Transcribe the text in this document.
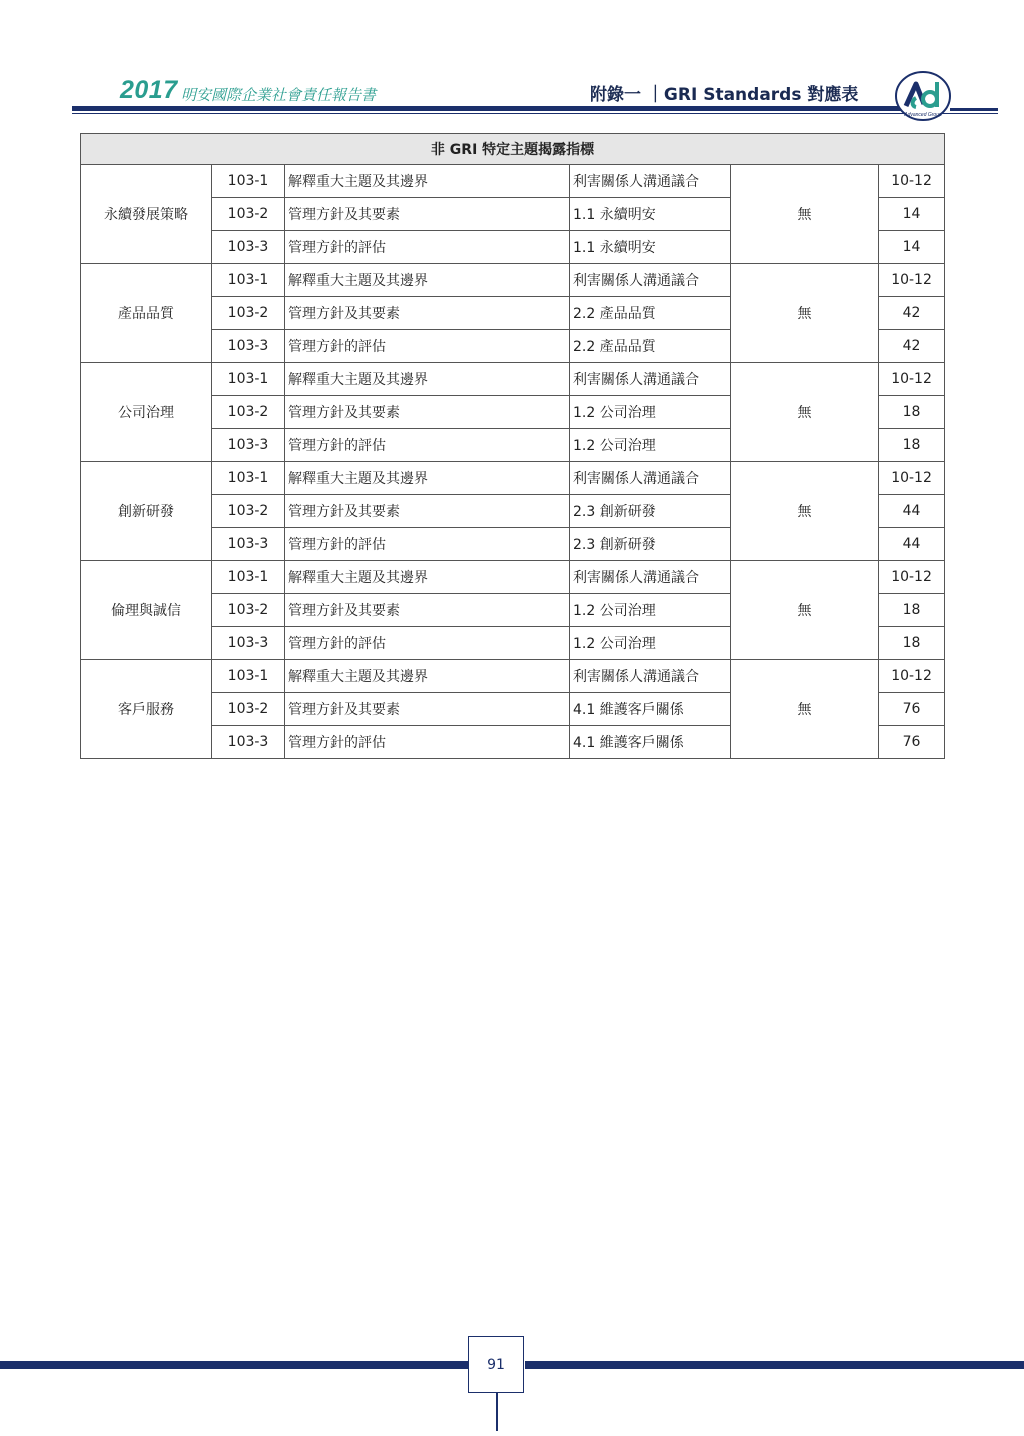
2017 明安國際企業社會責任報告書	附錄一 ｜GRI Standards 對應表
Advanced Group
非 GRI 特定主題揭露指標					
永續發展策略	103-1	解釋重大主題及其邊界	利害關係人溝通議合	無	10-12
	103-2	管理方針及其要素	1.1 永續明安		14
	103-3	管理方針的評估	1.1 永續明安		14
產品品質	103-1	解釋重大主題及其邊界	利害關係人溝通議合	無	10-12
	103-2	管理方針及其要素	2.2 產品品質		42
	103-3	管理方針的評估	2.2 產品品質		42
公司治理	103-1	解釋重大主題及其邊界	利害關係人溝通議合	無	10-12
	103-2	管理方針及其要素	1.2 公司治理		18
	103-3	管理方針的評估	1.2 公司治理		18
創新研發	103-1	解釋重大主題及其邊界	利害關係人溝通議合	無	10-12
	103-2	管理方針及其要素	2.3 創新研發		44
	103-3	管理方針的評估	2.3 創新研發		44
倫理與誠信	103-1	解釋重大主題及其邊界	利害關係人溝通議合	無	10-12
	103-2	管理方針及其要素	1.2 公司治理		18
	103-3	管理方針的評估	1.2 公司治理		18
客戶服務	103-1	解釋重大主題及其邊界	利害關係人溝通議合	無	10-12
	103-2	管理方針及其要素	4.1 維護客戶關係		76
	103-3	管理方針的評估	4.1 維護客戶關係		76
91
